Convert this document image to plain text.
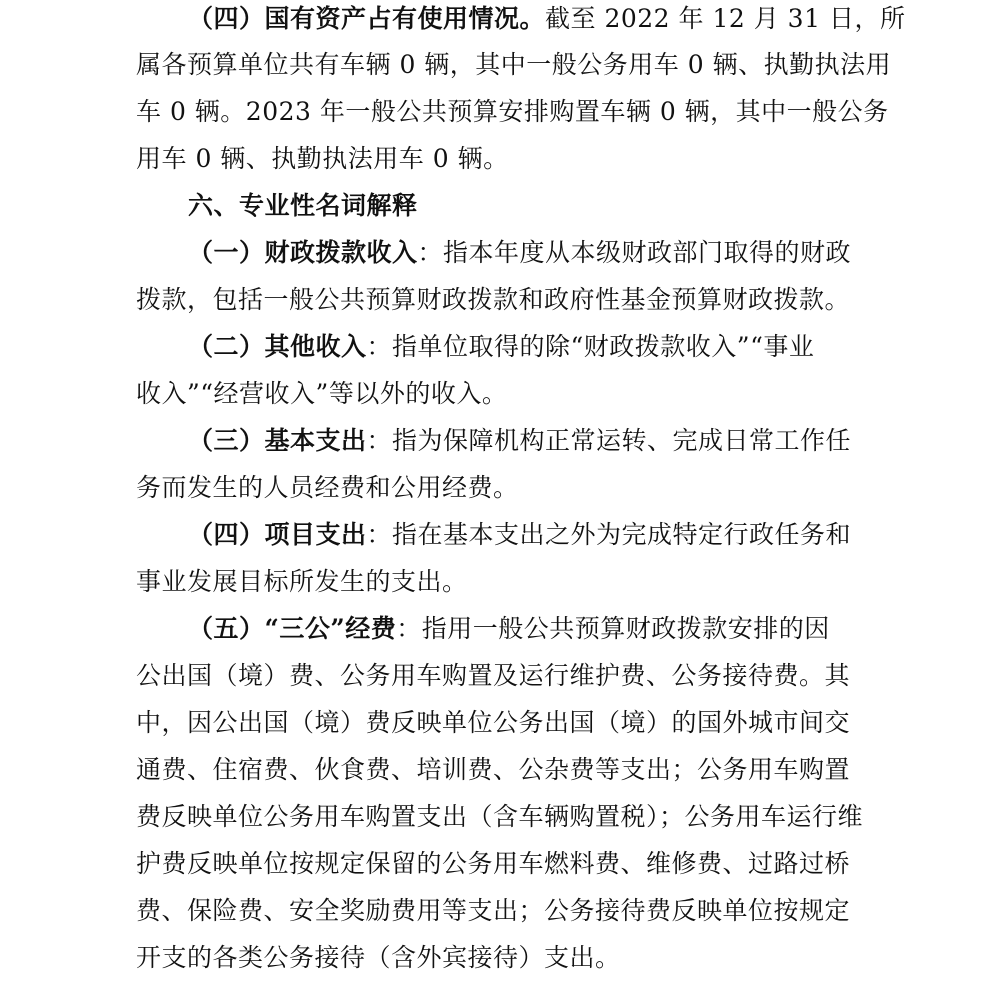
（四）国有资产占有使用情况。截至 2022 年 12 月 31 日，所
属各预算单位共有车辆 0 辆，其中一般公务用车 0 辆、执勤执法用
车 0 辆。2023 年一般公共预算安排购置车辆 0 辆，其中一般公务
用车 0 辆、执勤执法用车 0 辆。
六、专业性名词解释
（一）财政拨款收入：指本年度从本级财政部门取得的财政
拨款，包括一般公共预算财政拨款和政府性基金预算财政拨款。
（二）其他收入：指单位取得的除“财政拨款收入”“事业
收入”“经营收入”等以外的收入。
（三）基本支出：指为保障机构正常运转、完成日常工作任
务而发生的人员经费和公用经费。
（四）项目支出：指在基本支出之外为完成特定行政任务和
事业发展目标所发生的支出。
（五）“三公”经费：指用一般公共预算财政拨款安排的因
公出国（境）费、公务用车购置及运行维护费、公务接待费。其
中，因公出国（境）费反映单位公务出国（境）的国外城市间交
通费、住宿费、伙食费、培训费、公杂费等支出；公务用车购置
费反映单位公务用车购置支出（含车辆购置税）；公务用车运行维
护费反映单位按规定保留的公务用车燃料费、维修费、过路过桥
费、保险费、安全奖励费用等支出；公务接待费反映单位按规定
开支的各类公务接待（含外宾接待）支出。
